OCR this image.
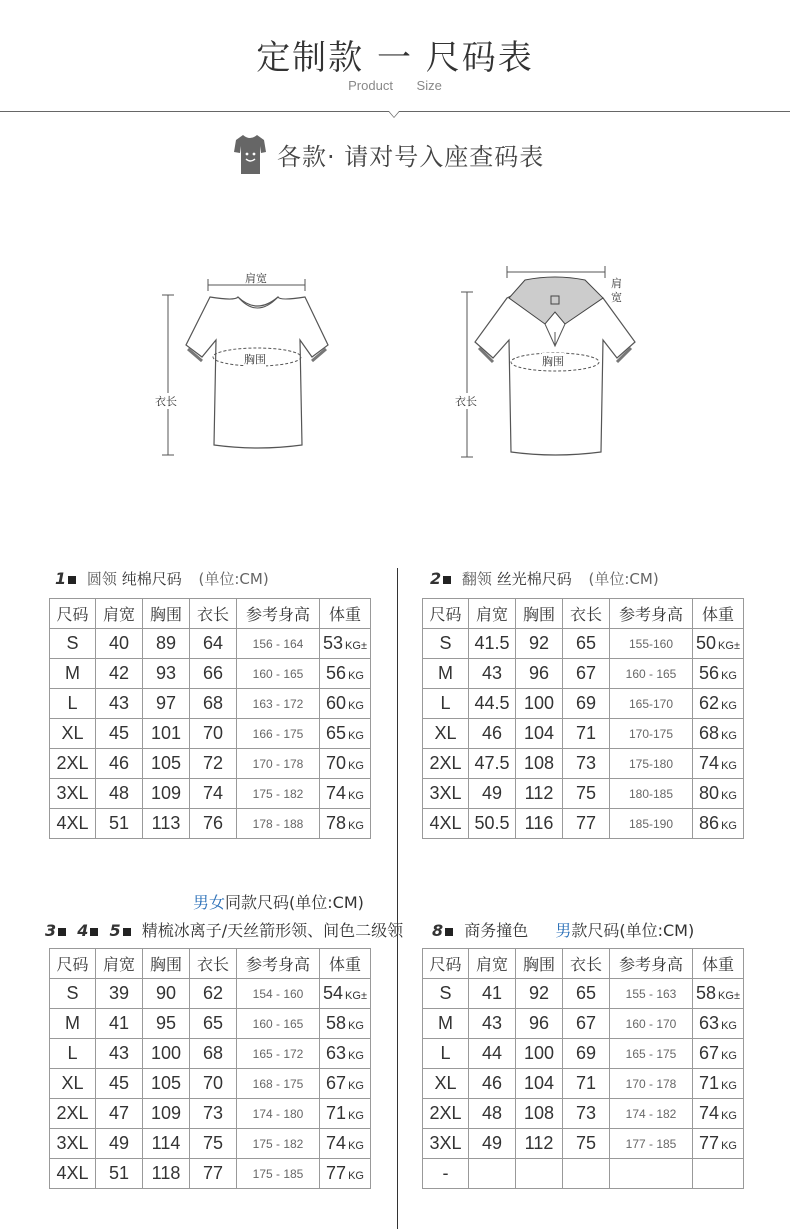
定制款 一 尺码表
Product Size
各款· 请对号入座查码表
肩宽
胸围
衣长
肩宽
胸围
衣长
1 圆领 纯棉尺码 (单位:CM)	2 翻领 丝光棉尺码 (单位:CM)
男女同款尺码(单位:CM)
3 4 5 精梳冰离子/天丝箭形领、间色二级领 8 商务撞色 男款尺码(单位:CM)
尺码	肩宽	胸围	衣长	参考身高	体重
S	40	89	64	156 - 164	53 KG±
M	42	93	66	160 - 165	56 KG
L	43	97	68	163 - 172	60 KG
XL	45	101	70	166 - 175	65 KG
2XL	46	105	72	170 - 178	70 KG
3XL	48	109	74	175 - 182	74 KG
4XL	51	113	76	178 - 188	78 KG
尺码	肩宽	胸围	衣长	参考身高	体重
S	41.5	92	65	155-160	50 KG±
M	43	96	67	160 - 165	56 KG
L	44.5	100	69	165-170	62 KG
XL	46	104	71	170-175	68 KG
2XL	47.5	108	73	175-180	74 KG
3XL	49	112	75	180-185	80 KG
4XL	50.5	116	77	185-190	86 KG
尺码	肩宽	胸围	衣长	参考身高	体重
S	39	90	62	154 - 160	54 KG±
M	41	95	65	160 - 165	58 KG
L	43	100	68	165 - 172	63 KG
XL	45	105	70	168 - 175	67 KG
2XL	47	109	73	174 - 180	71 KG
3XL	49	114	75	175 - 182	74 KG
4XL	51	118	77	175 - 185	77 KG
尺码	肩宽	胸围	衣长	参考身高	体重
S	41	92	65	155 - 163	58 KG±
M	43	96	67	160 - 170	63 KG
L	44	100	69	165 - 175	67 KG
XL	46	104	71	170 - 178	71 KG
2XL	48	108	73	174 - 182	74 KG
3XL	49	112	75	177 - 185	77 KG
-					
